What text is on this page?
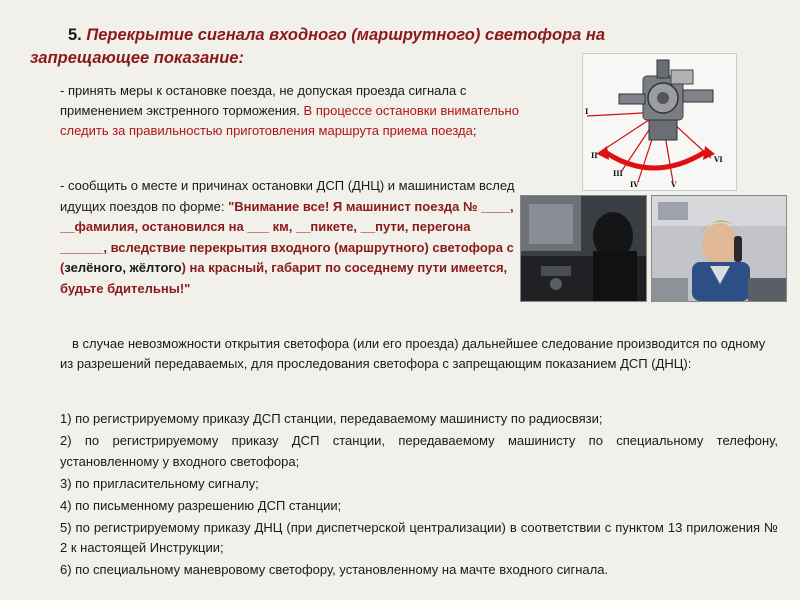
5. Перекрытие сигнала входного (маршрутного) светофора на
запрещающее показание:
- принять меры к остановке поезда, не допуская проезда сигнала с применением экстренного торможения. В процессе остановки внимательно следить за правильностью приготовления маршрута приема поезда;
- сообщить о месте и причинах остановки ДСП (ДНЦ) и машинистам вслед идущих поездов по форме: "Внимание все! Я машинист поезда № ____, __фамилия, остановился на ___ км, __пикете, __пути, перегона ______, вследствие перекрытия входного (маршрутного) светофора с (зелёного, жёлтого) на красный, габарит по соседнему пути имеется, будьте бдительны!"
в случае невозможности открытия светофора (или его проезда) дальнейшее следование производится по одному из разрешений передаваемых, для проследования светофора с запрещающим показанием ДСП (ДНЦ):
1) по регистрируемому приказу ДСП станции, передаваемому машинисту по радиосвязи;
2) по регистрируемому приказу ДСП станции, передаваемому машинисту по специальному телефону, установленному у входного светофора;
3) по пригласительному сигналу;
4) по письменному разрешению ДСП станции;
5) по регистрируемому приказу ДНЦ (при диспетчерской централизации) в соответствии с пунктом 13 приложения № 2 к настоящей Инструкции;
6) по специальному маневровому светофору, установленному на мачте входного сигнала.
I
II
III
IV	V
VI
